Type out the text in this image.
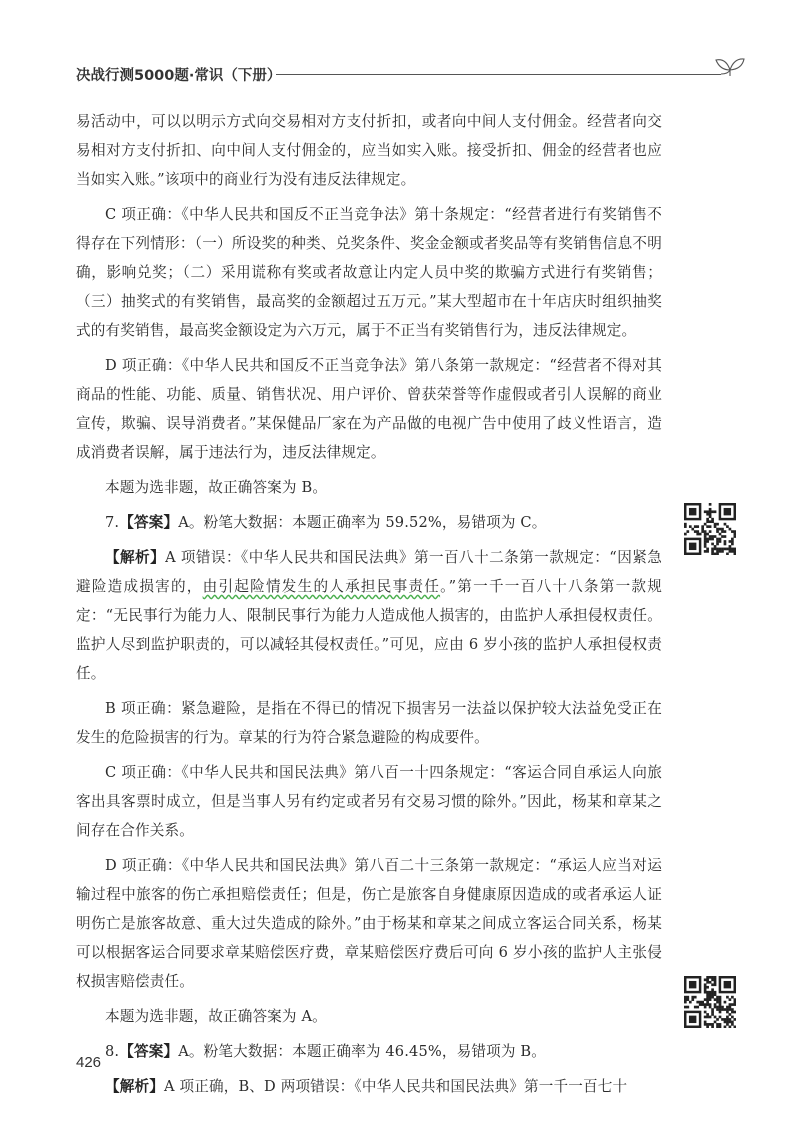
决战行测5000题·常识（下册）

易活动中，可以以明示方式向交易相对方支付折扣，或者向中间人支付佣金。经营者向交易相对方支付折扣、向中间人支付佣金的，应当如实入账。接受折扣、佣金的经营者也应当如实入账。”该项中的商业行为没有违反法律规定。

C 项正确：《中华人民共和国反不正当竞争法》第十条规定：“经营者进行有奖销售不得存在下列情形：（一）所设奖的种类、兑奖条件、奖金金额或者奖品等有奖销售信息不明确，影响兑奖；（二）采用谎称有奖或者故意让内定人员中奖的欺骗方式进行有奖销售；（三）抽奖式的有奖销售，最高奖的金额超过五万元。”某大型超市在十年店庆时组织抽奖式的有奖销售，最高奖金额设定为六万元，属于不正当有奖销售行为，违反法律规定。

D 项正确：《中华人民共和国反不正当竞争法》第八条第一款规定：“经营者不得对其商品的性能、功能、质量、销售状况、用户评价、曾获荣誉等作虚假或者引人误解的商业宣传，欺骗、误导消费者。”某保健品厂家在为产品做的电视广告中使用了歧义性语言，造成消费者误解，属于违法行为，违反法律规定。

本题为选非题，故正确答案为 B。

7.【答案】A。粉笔大数据：本题正确率为 59.52%，易错项为 C。

【解析】A 项错误：《中华人民共和国民法典》第一百八十二条第一款规定：“因紧急避险造成损害的，由引起险情发生的人承担民事责任。”第一千一百八十八条第一款规定：“无民事行为能力人、限制民事行为能力人造成他人损害的，由监护人承担侵权责任。监护人尽到监护职责的，可以减轻其侵权责任。”可见，应由 6 岁小孩的监护人承担侵权责任。

B 项正确：紧急避险，是指在不得已的情况下损害另一法益以保护较大法益免受正在发生的危险损害的行为。章某的行为符合紧急避险的构成要件。

C 项正确：《中华人民共和国民法典》第八百一十四条规定：“客运合同自承运人向旅客出具客票时成立，但是当事人另有约定或者另有交易习惯的除外。”因此，杨某和章某之间存在合作关系。

D 项正确：《中华人民共和国民法典》第八百二十三条第一款规定：“承运人应当对运输过程中旅客的伤亡承担赔偿责任；但是，伤亡是旅客自身健康原因造成的或者承运人证明伤亡是旅客故意、重大过失造成的除外。”由于杨某和章某之间成立客运合同关系，杨某可以根据客运合同要求章某赔偿医疗费，章某赔偿医疗费后可向 6 岁小孩的监护人主张侵权损害赔偿责任。

本题为选非题，故正确答案为 A。

8.【答案】A。粉笔大数据：本题正确率为 46.45%，易错项为 B。

【解析】A 项正确，B、D 两项错误：《中华人民共和国民法典》第一千一百七十

426
